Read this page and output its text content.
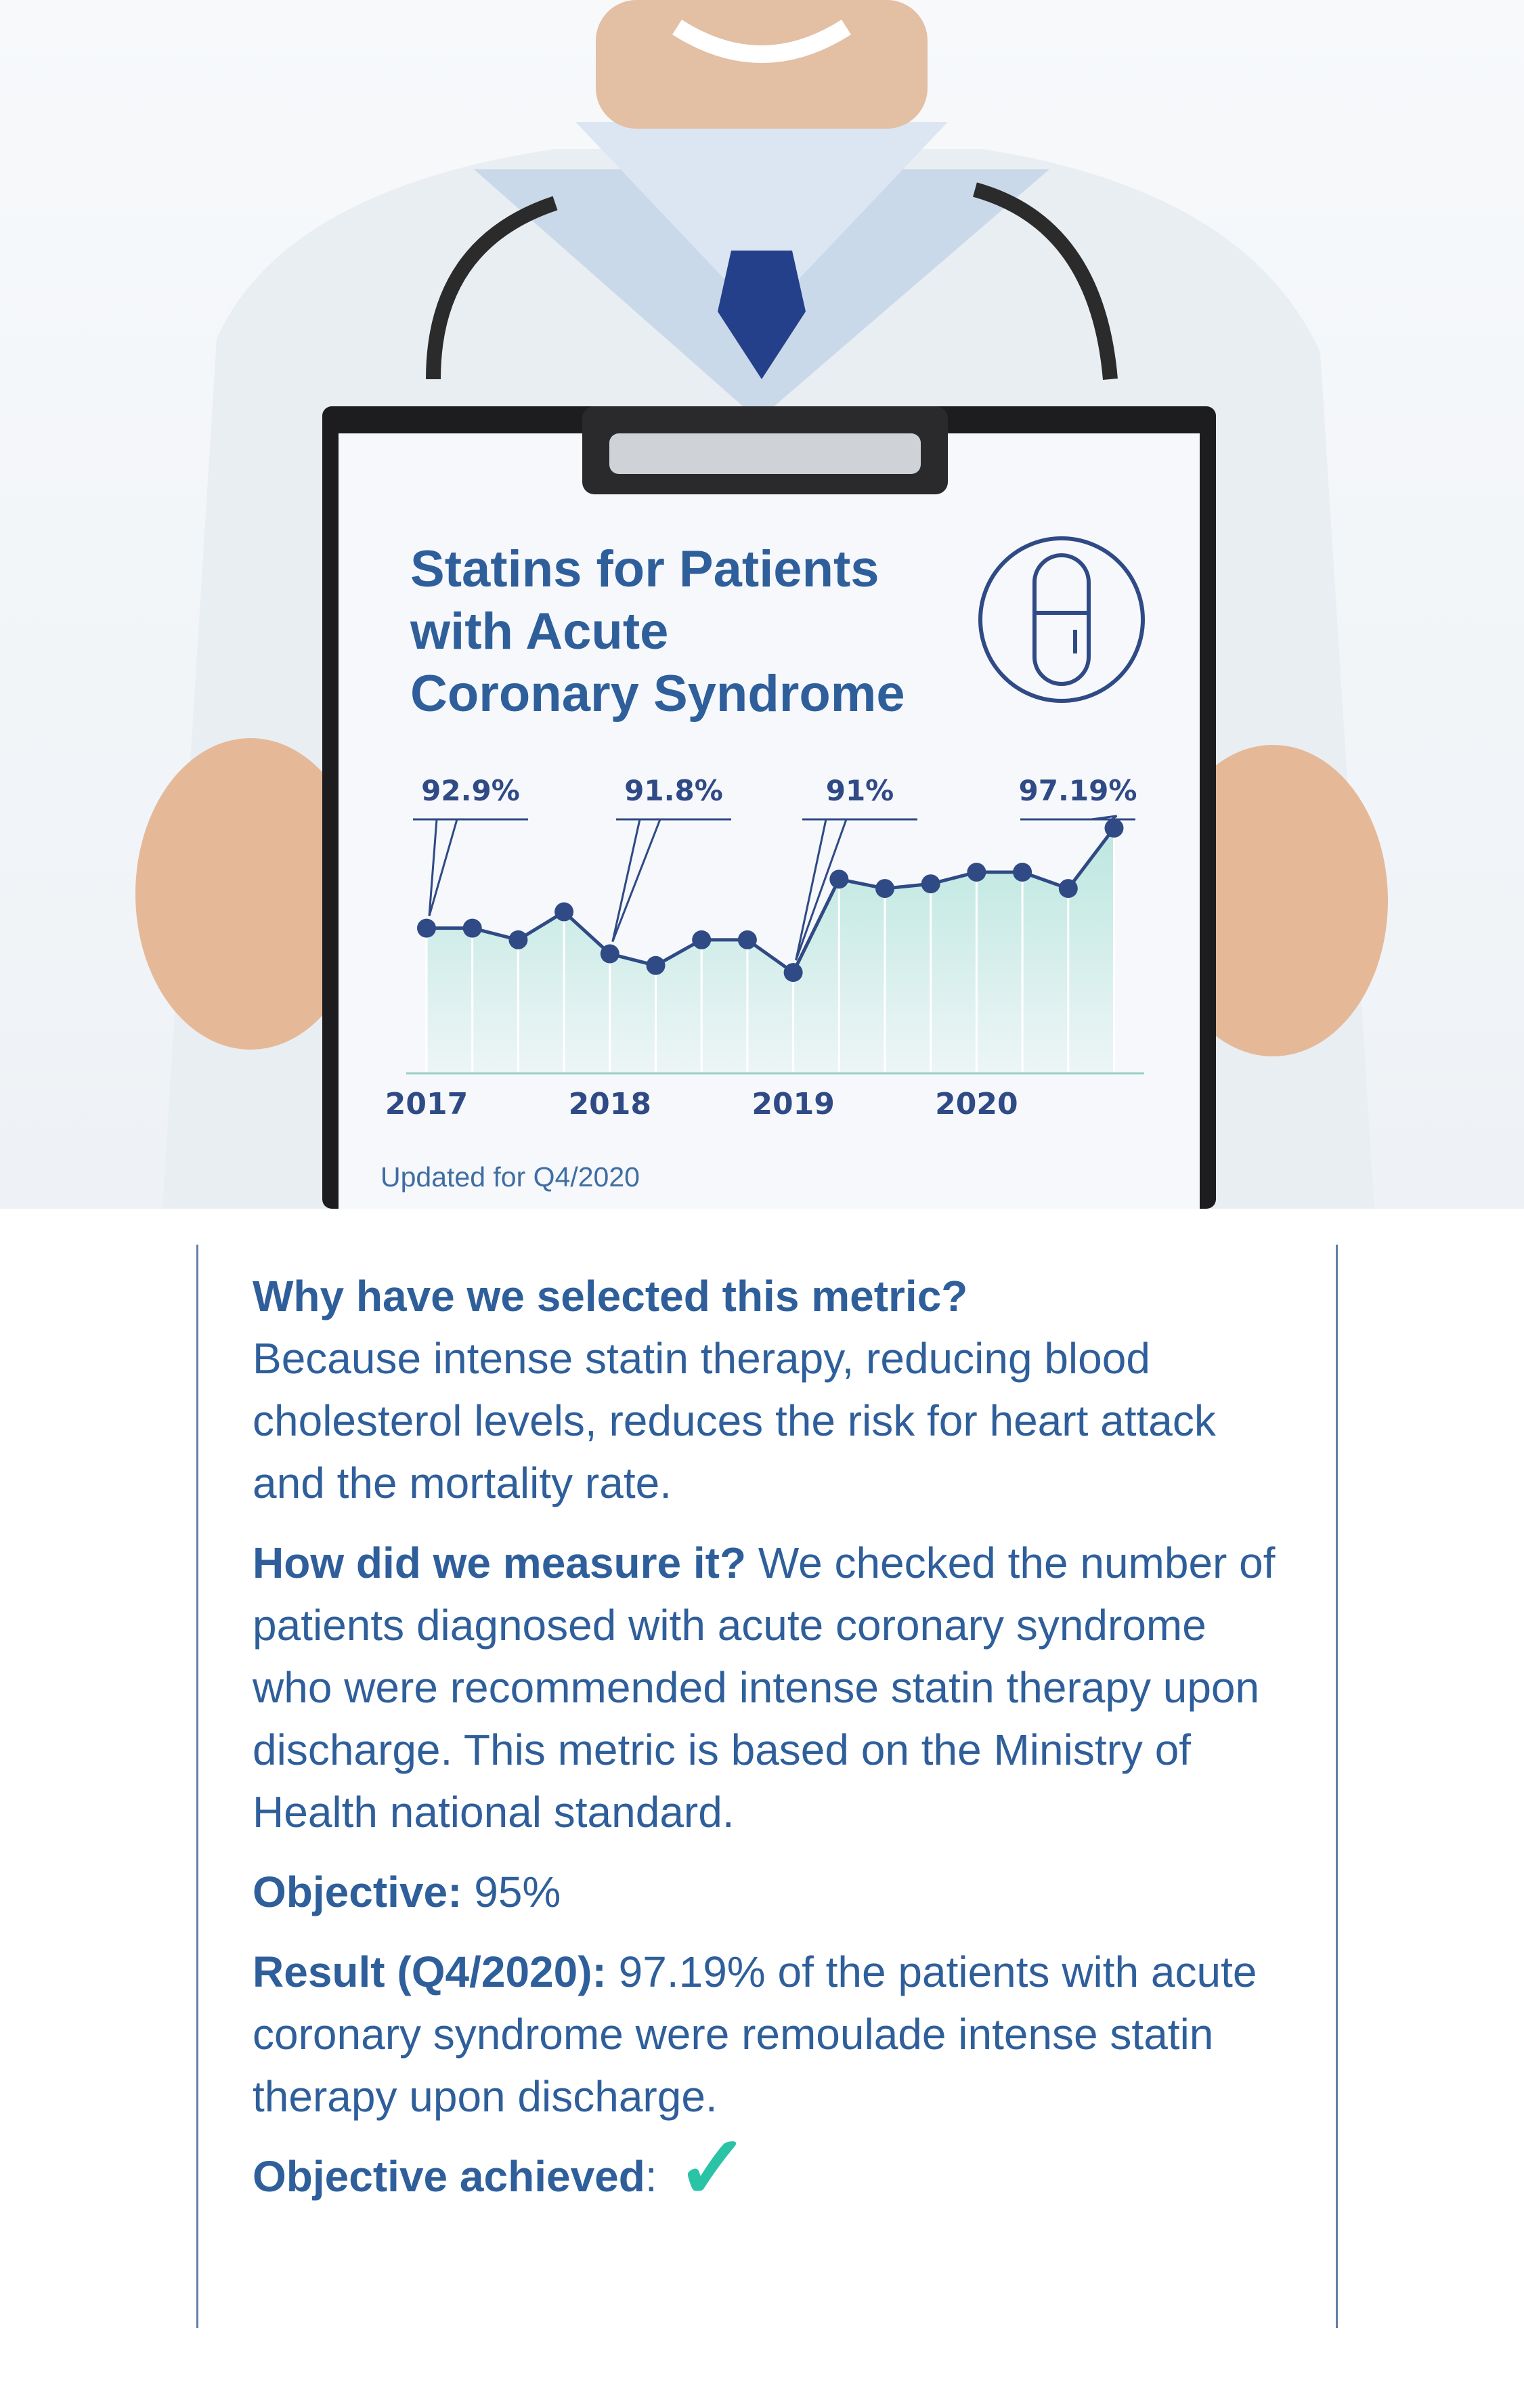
Statins for Patients
with Acute
Coronary Syndrome
92.9%	91.8%	91%	97.19%
2017	2018	2019	2020
Updated for Q4/2020

Why have we selected this metric?
Because intense statin therapy, reducing blood cholesterol levels, reduces the risk for heart attack and the mortality rate.

How did we measure it? We checked the number of patients diagnosed with acute coronary syndrome who were recommended intense statin therapy upon discharge. This metric is based on the Ministry of Health national standard.

Objective: 95%

Result (Q4/2020): 97.19% of the patients with acute coronary syndrome were remoulade intense statin therapy upon discharge.

Objective achieved: ✓
